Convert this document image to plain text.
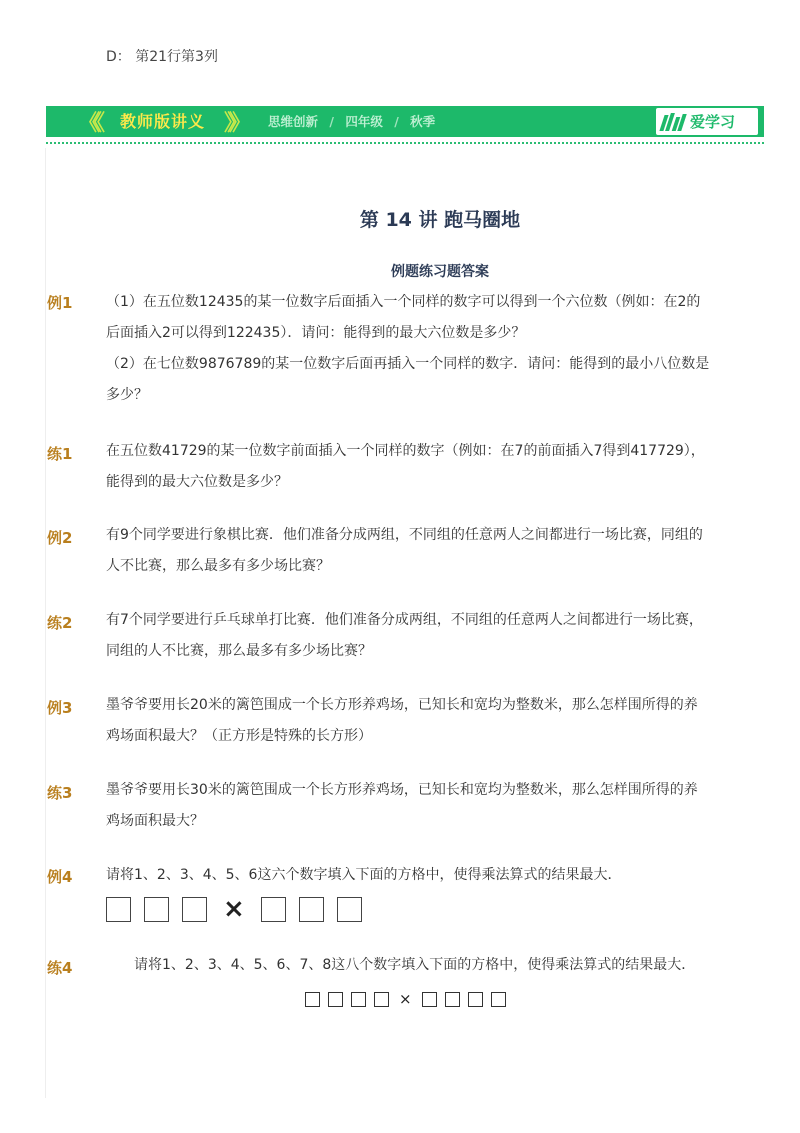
D： 第21行第3列
《《 教师版讲义 》》 思维创新 / 四年级 / 秋季	爱学习
第 14 讲 跑马圈地
例题练习题答案
例1 （1）在五位数12435的某一位数字后面插入一个同样的数字可以得到一个六位数（例如：在2的

后面插入2可以得到122435）．请问：能得到的最大六位数是多少？

（2）在七位数9876789的某一位数字后面再插入一个同样的数字．请问：能得到的最小八位数是

多少？

练1 在五位数41729的某一位数字前面插入一个同样的数字（例如：在7的前面插入7得到417729），

能得到的最大六位数是多少？

例2 有9个同学要进行象棋比赛．他们准备分成两组，不同组的任意两人之间都进行一场比赛，同组的

人不比赛，那么最多有多少场比赛？

练2 有7个同学要进行乒乓球单打比赛．他们准备分成两组，不同组的任意两人之间都进行一场比赛，

同组的人不比赛，那么最多有多少场比赛？

例3 墨爷爷要用长20米的篱笆围成一个长方形养鸡场，已知长和宽均为整数米，那么怎样围所得的养

鸡场面积最大？（正方形是特殊的长方形）

练3 墨爷爷要用长30米的篱笆围成一个长方形养鸡场，已知长和宽均为整数米，那么怎样围所得的养

鸡场面积最大？

例4 请将1、2、3、4、5、6这六个数字填入下面的方格中，使得乘法算式的结果最大．

×
练4	请将1、2、3、4、5、6、7、8这八个数字填入下面的方格中，使得乘法算式的结果最大．

×
